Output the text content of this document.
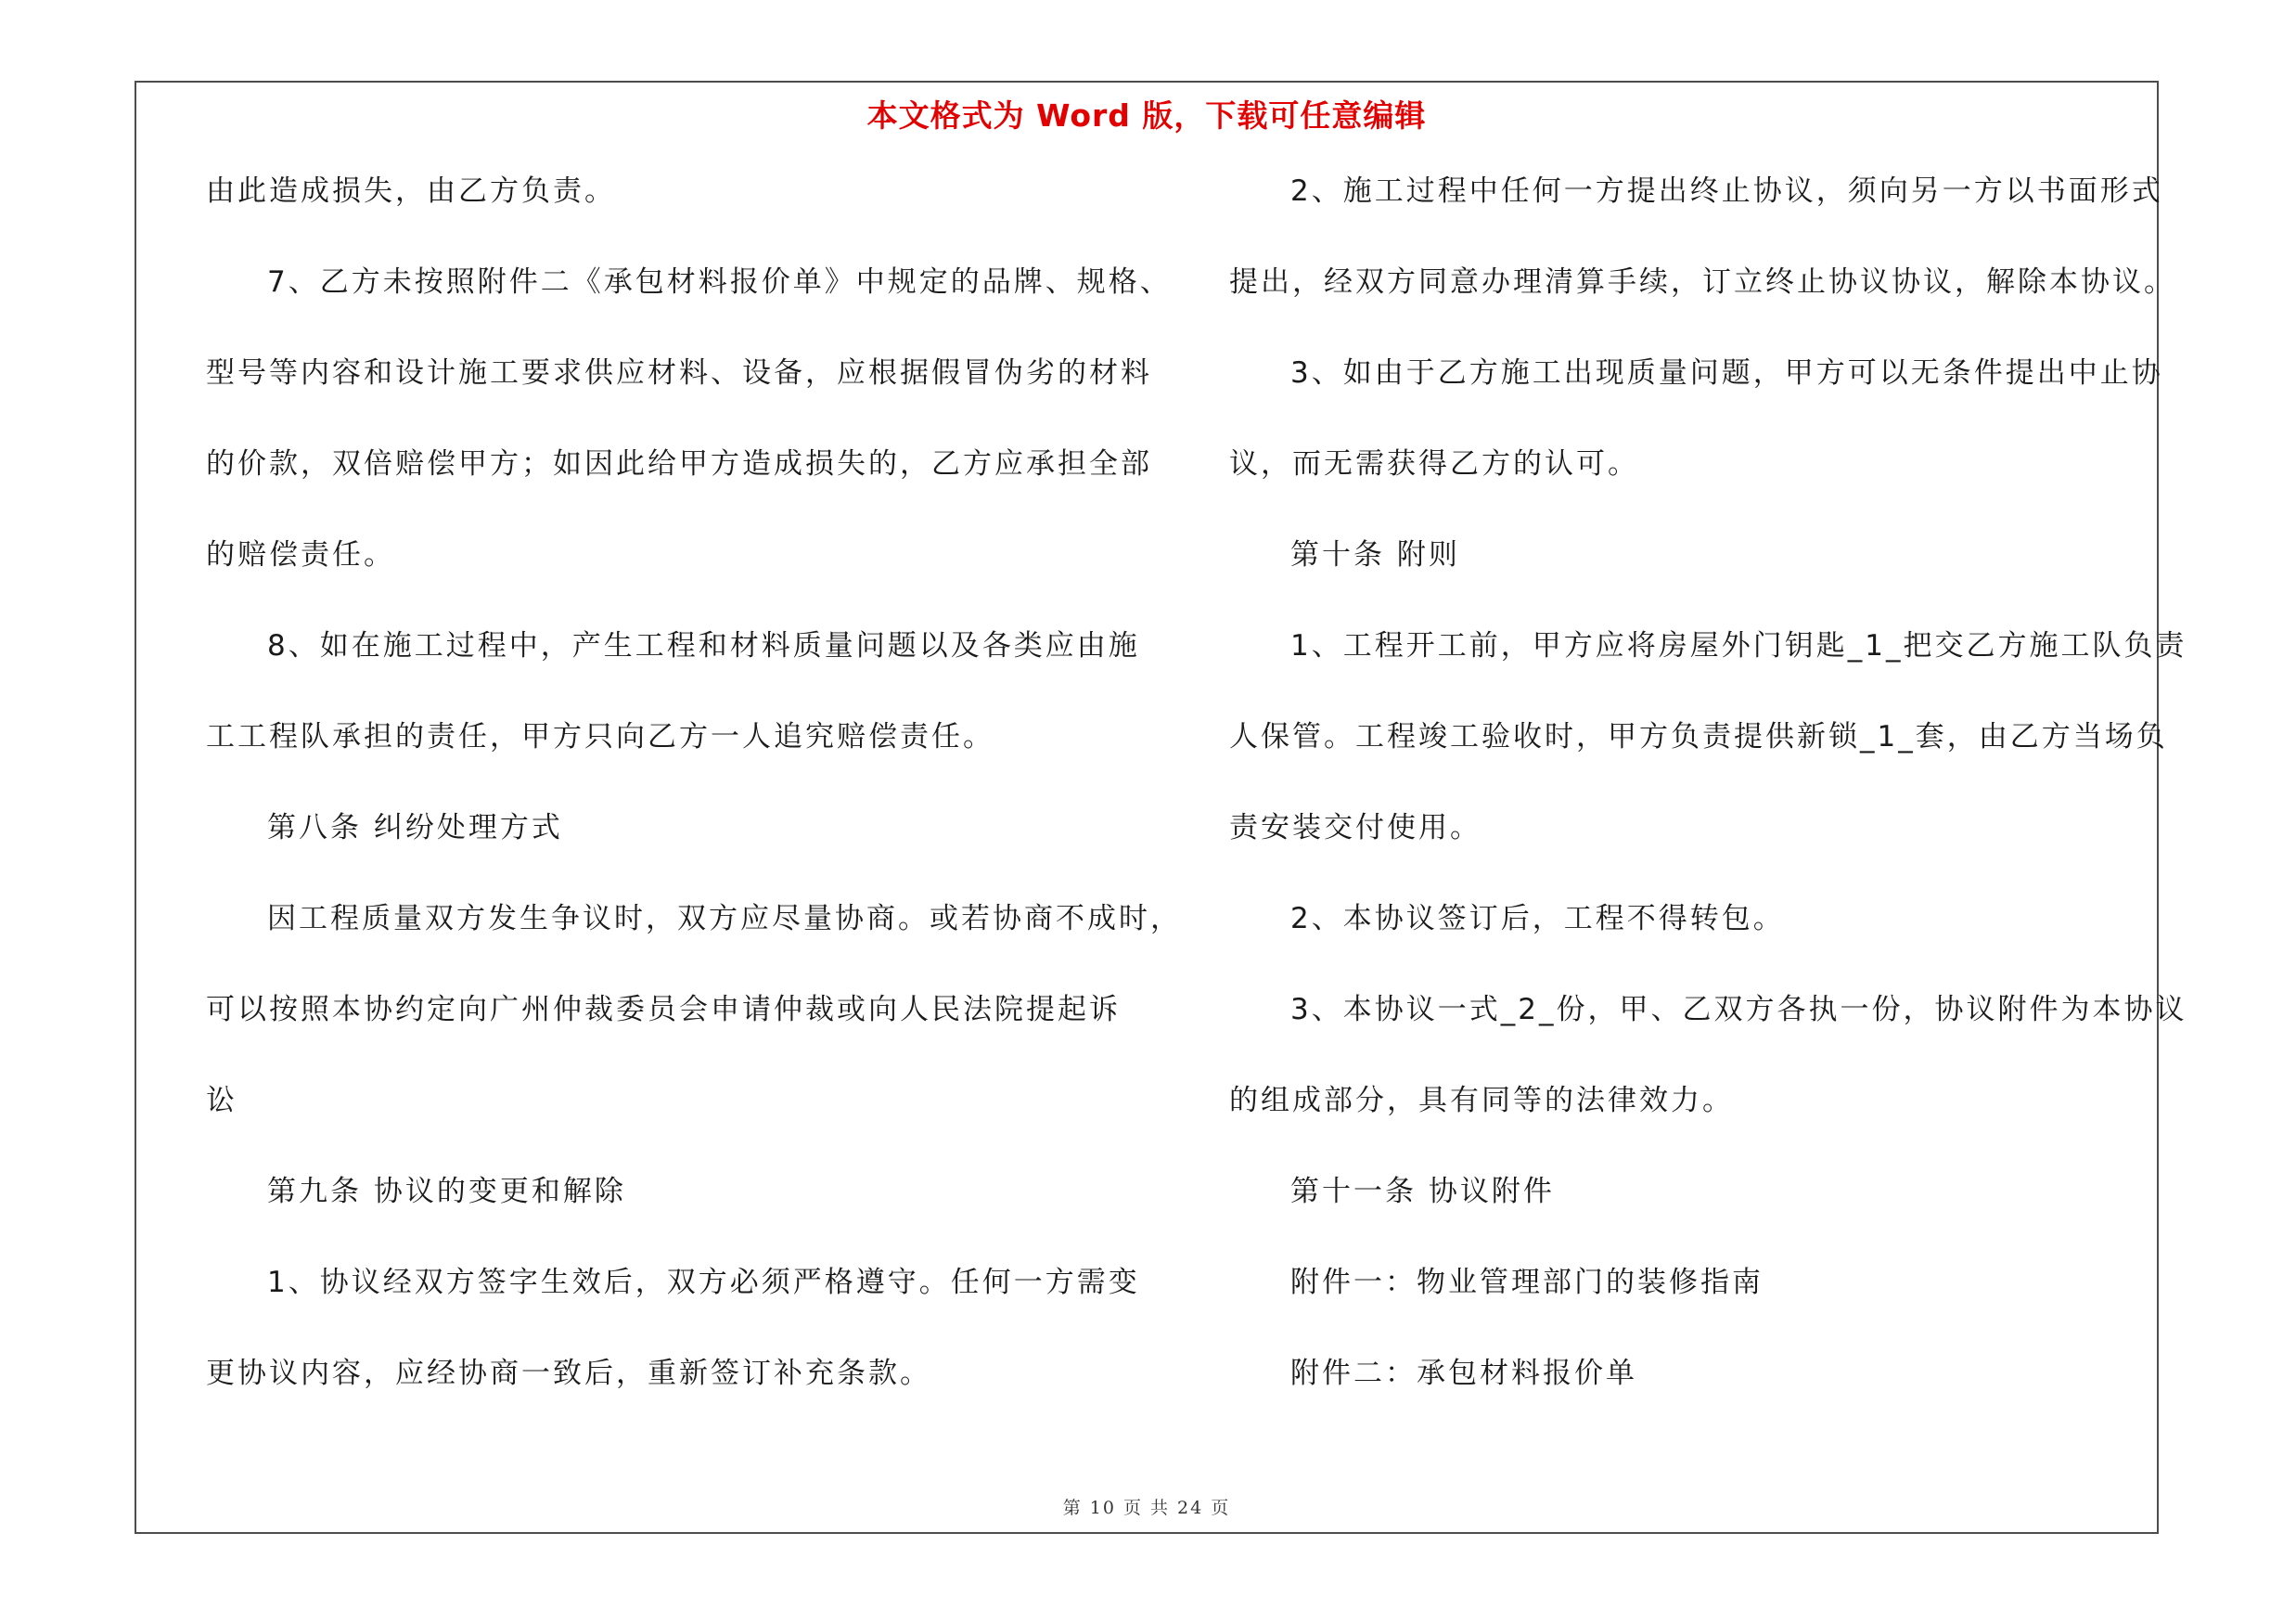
本文格式为 Word 版，下载可任意编辑
由此造成损失，由乙方负责。
7、乙方未按照附件二《承包材料报价单》中规定的品牌、规格、
型号等内容和设计施工要求供应材料、设备，应根据假冒伪劣的材料
的价款，双倍赔偿甲方；如因此给甲方造成损失的，乙方应承担全部
的赔偿责任。
8、如在施工过程中，产生工程和材料质量问题以及各类应由施
工工程队承担的责任，甲方只向乙方一人追究赔偿责任。
第八条 纠纷处理方式
因工程质量双方发生争议时，双方应尽量协商。或若协商不成时，
可以按照本协约定向广州仲裁委员会申请仲裁或向人民法院提起诉
讼
第九条 协议的变更和解除
1、协议经双方签字生效后，双方必须严格遵守。任何一方需变
更协议内容，应经协商一致后，重新签订补充条款。
2、施工过程中任何一方提出终止协议，须向另一方以书面形式
提出，经双方同意办理清算手续，订立终止协议协议，解除本协议。
3、如由于乙方施工出现质量问题，甲方可以无条件提出中止协
议，而无需获得乙方的认可。
第十条 附则
1、工程开工前，甲方应将房屋外门钥匙_1_把交乙方施工队负责
人保管。工程竣工验收时，甲方负责提供新锁_1_套，由乙方当场负
责安装交付使用。
2、本协议签订后，工程不得转包。
3、本协议一式_2_份，甲、乙双方各执一份，协议附件为本协议
的组成部分，具有同等的法律效力。
第十一条 协议附件
附件一：物业管理部门的装修指南
附件二：承包材料报价单
第 10 页 共 24 页
